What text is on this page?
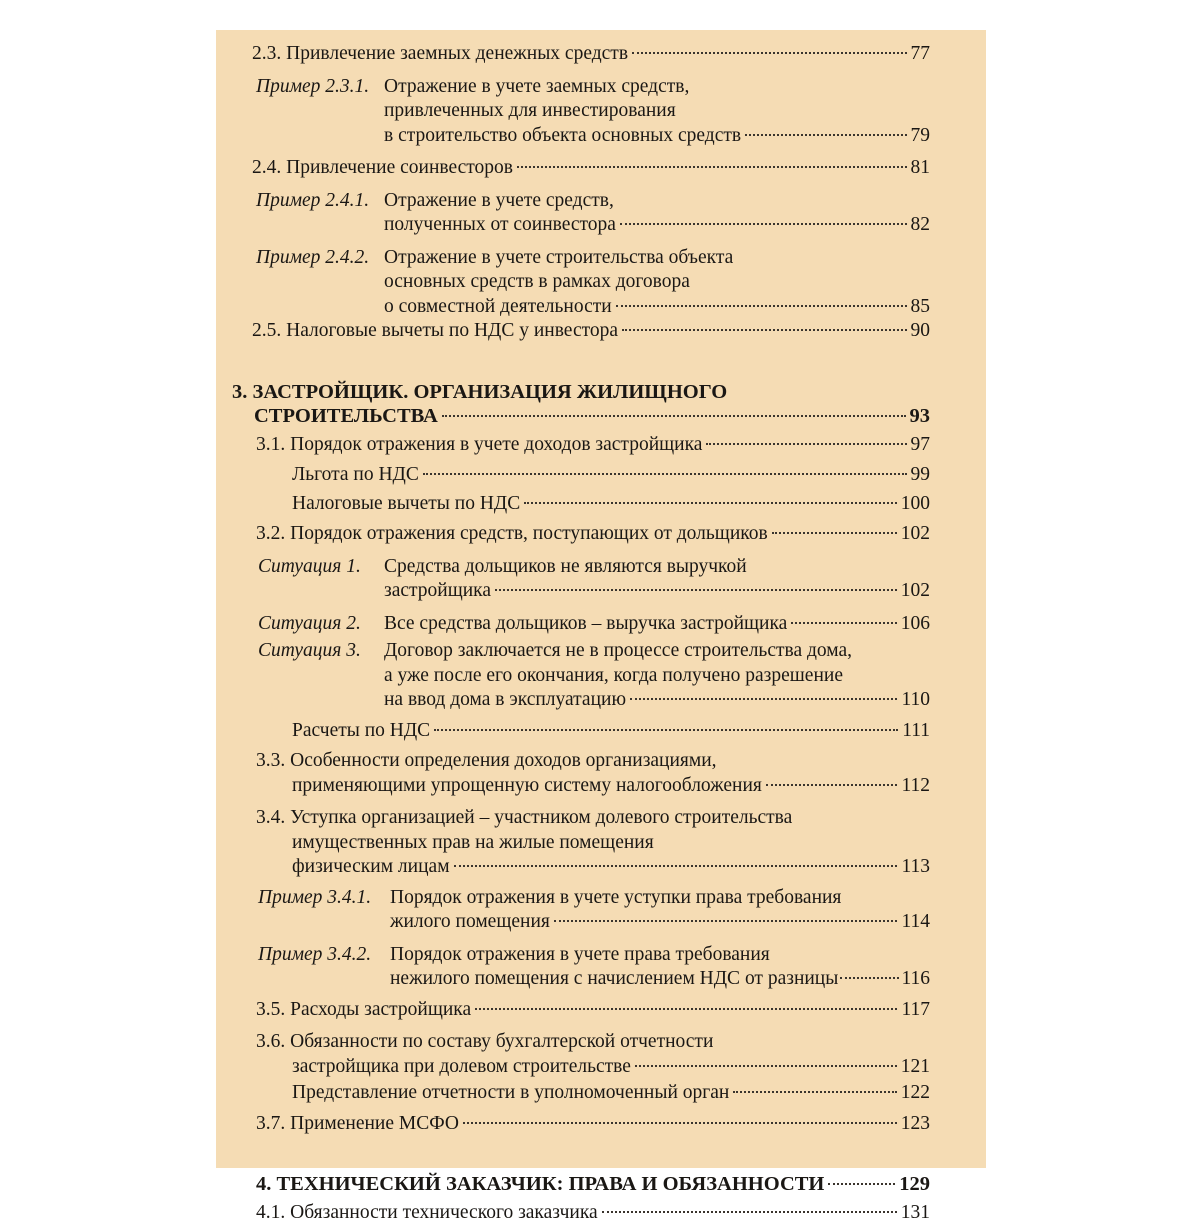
2.3. Привлечение заемных денежных средств	77
Пример 2.3.1. Отражение в учете заемных средств,
привлеченных для инвестирования
в строительство объекта основных средств	79
2.4. Привлечение соинвесторов	81
Пример 2.4.1. Отражение в учете средств,
полученных от соинвестора	82
Пример 2.4.2. Отражение в учете строительства объекта
основных средств в рамках договора
о совместной деятельности	85
2.5. Налоговые вычеты по НДС у инвестора	90
3. ЗАСТРОЙЩИК. ОРГАНИЗАЦИЯ ЖИЛИЩНОГО
СТРОИТЕЛЬСТВА	93
3.1. Порядок отражения в учете доходов застройщика	97
Льгота по НДС	99
Налоговые вычеты по НДС	100
3.2. Порядок отражения средств, поступающих от дольщиков	102
Ситуация 1. Средства дольщиков не являются выручкой
застройщика	102
Ситуация 2. Все средства дольщиков – выручка застройщика	106
Ситуация 3. Договор заключается не в процессе строительства дома,
а уже после его окончания, когда получено разрешение
на ввод дома в эксплуатацию	110
Расчеты по НДС	111
3.3. Особенности определения доходов организациями,
применяющими упрощенную систему налогообложения	112
3.4. Уступка организацией – участником долевого строительства
имущественных прав на жилые помещения
физическим лицам	113
Пример 3.4.1. Порядок отражения в учете уступки права требования
жилого помещения	114
Пример 3.4.2. Порядок отражения в учете права требования
нежилого помещения с начислением НДС от разницы	116
3.5. Расходы застройщика	117
3.6. Обязанности по составу бухгалтерской отчетности
застройщика при долевом строительстве	121
Представление отчетности в уполномоченный орган	122
3.7. Применение МСФО	123
4. ТЕХНИЧЕСКИЙ ЗАКАЗЧИК: ПРАВА И ОБЯЗАННОСТИ	129
4.1. Обязанности технического заказчика	131
